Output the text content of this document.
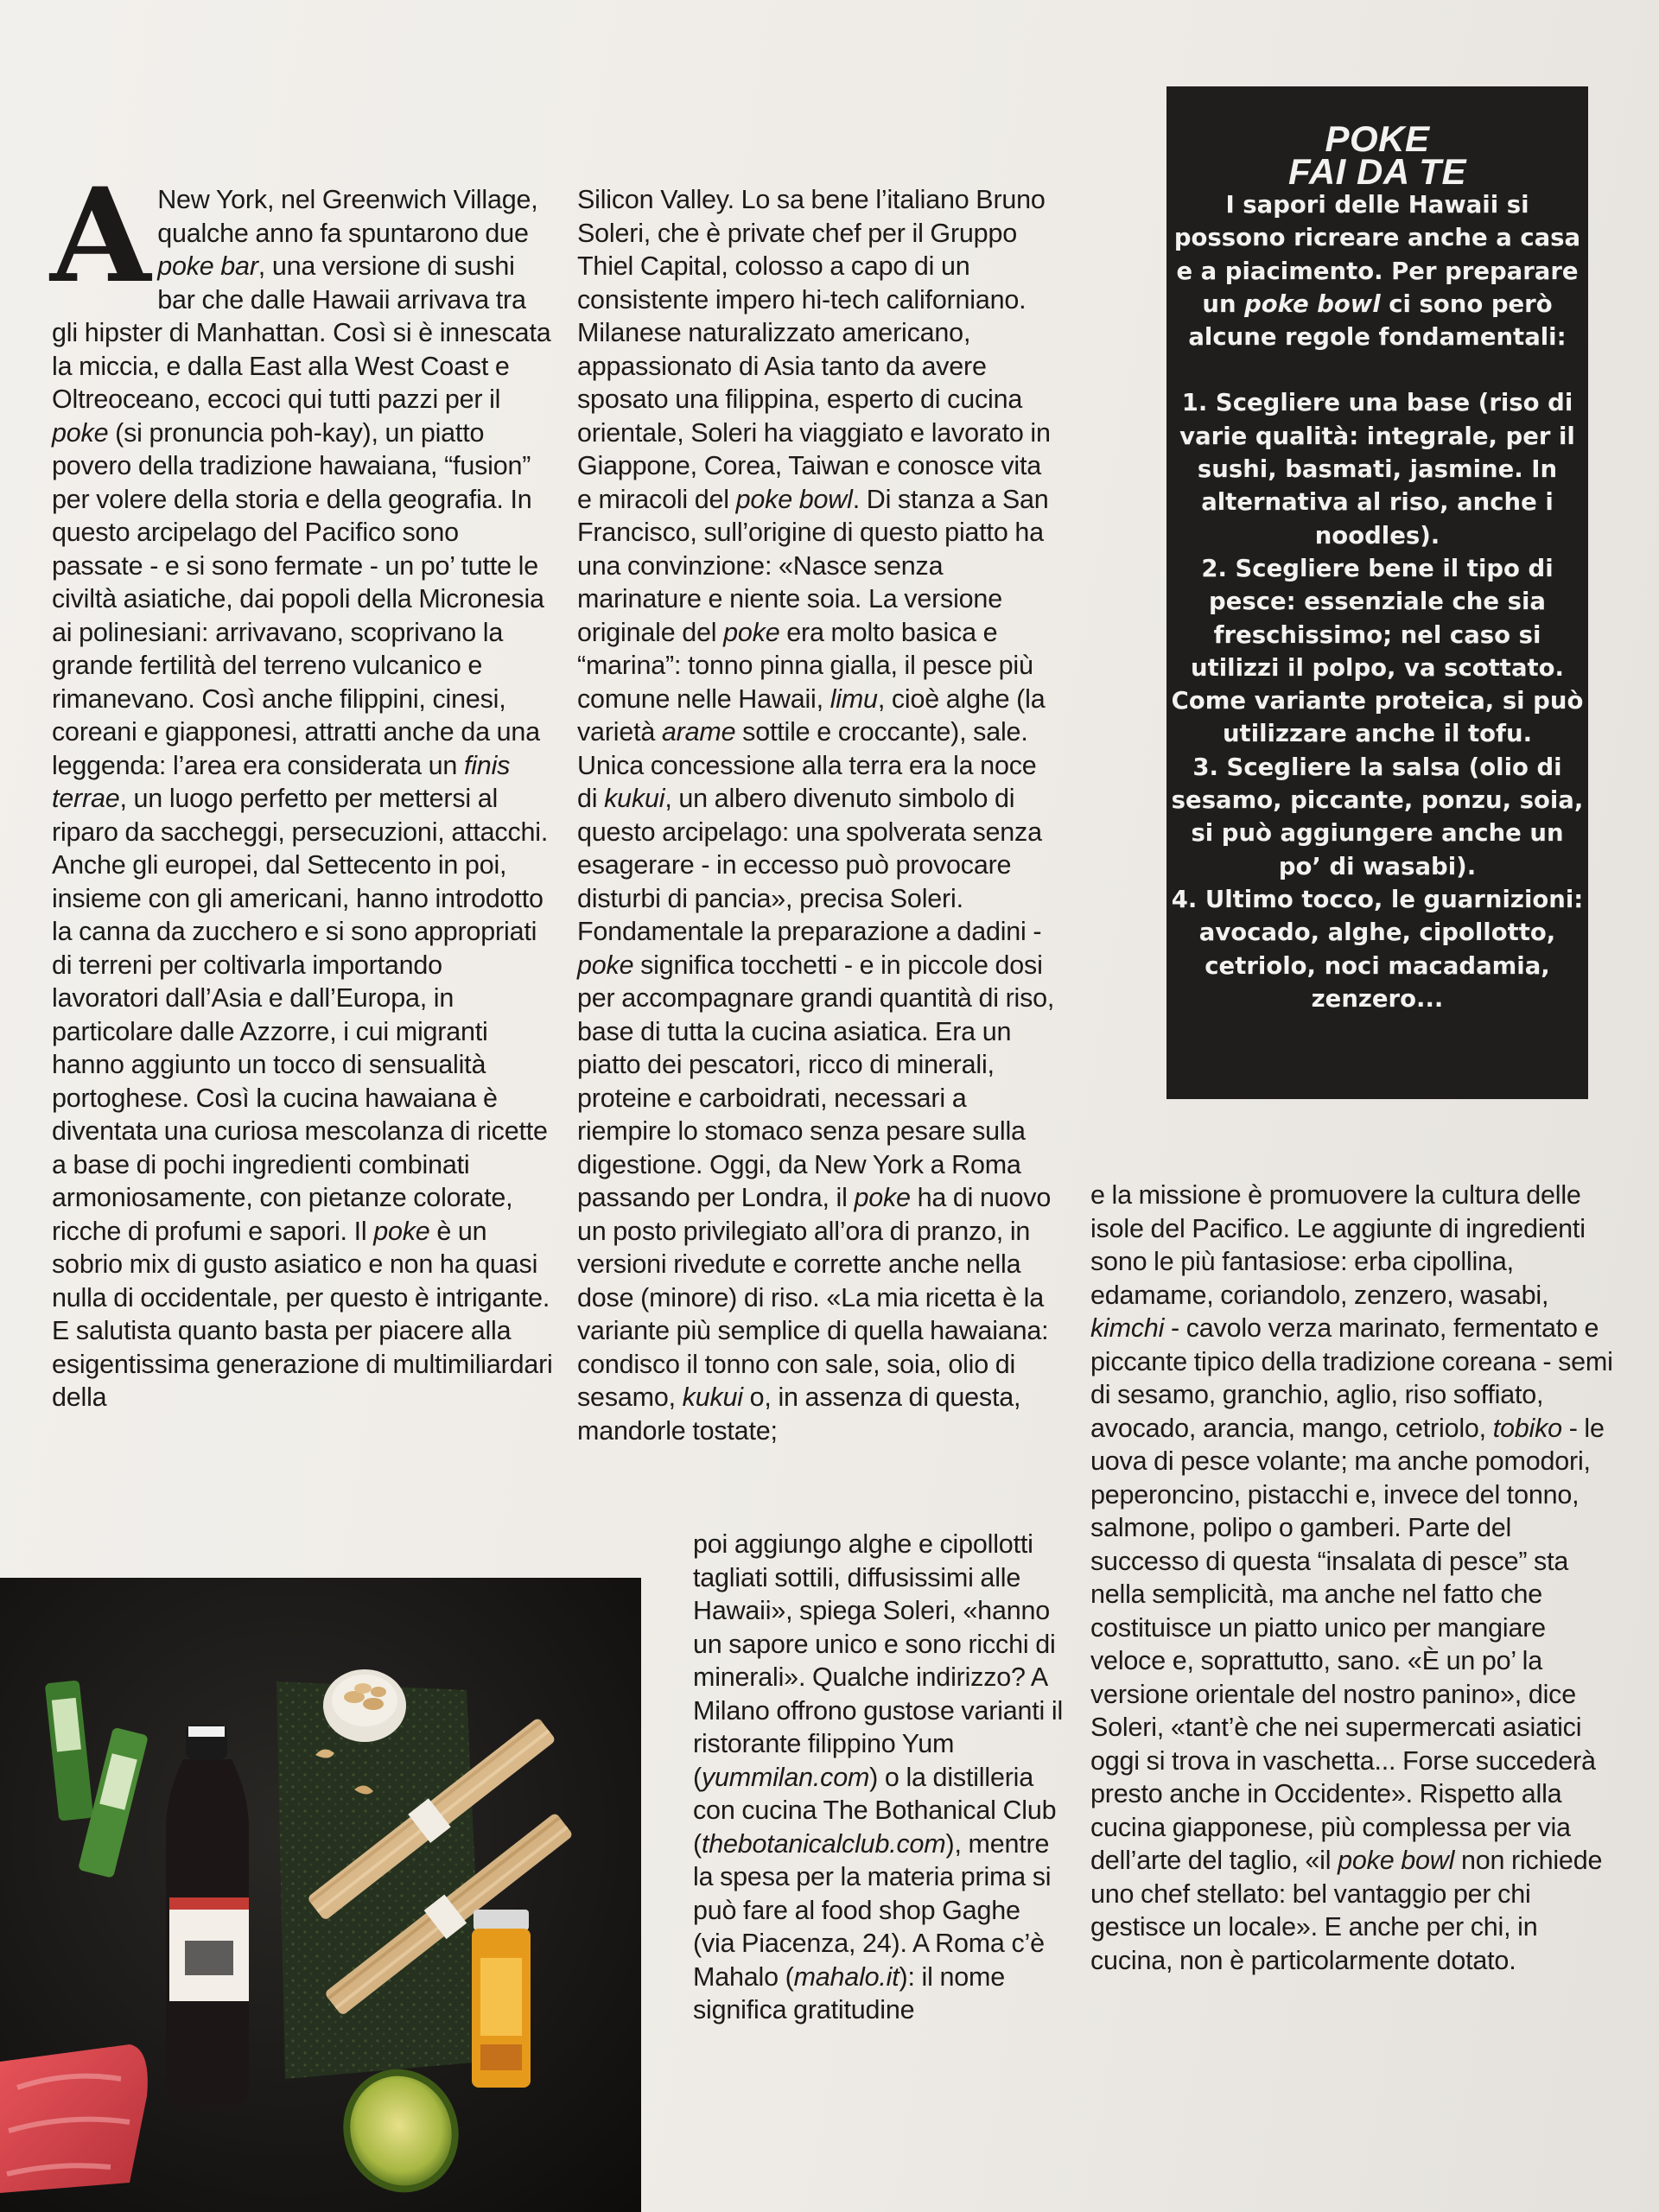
A New York, nel Greenwich Village, qualche anno fa spuntarono due poke bar, una versione di sushi bar che dalle Hawaii arrivava tra gli hipster di Manhattan. Così si è innescata la miccia, e dalla East alla West Coast e Oltreoceano, eccoci qui tutti pazzi per il poke (si pronuncia poh-kay), un piatto povero della tradizione hawaiana, “fusion” per volere della storia e della geografia. In questo arcipelago del Pacifico sono passate - e si sono fermate - un po’ tutte le civiltà asiatiche, dai popoli della Micronesia ai polinesiani: arrivavano, scoprivano la grande fertilità del terreno vulcanico e rimanevano. Così anche filippini, cinesi, coreani e giapponesi, attratti anche da una leggenda: l’area era considerata un finis terrae, un luogo perfetto per mettersi al riparo da saccheggi, persecuzioni, attacchi. Anche gli europei, dal Settecento in poi, insieme con gli americani, hanno introdotto la canna da zucchero e si sono appropriati di terreni per coltivarla importando lavoratori dall’Asia e dall’Europa, in particolare dalle Azzorre, i cui migranti hanno aggiunto un tocco di sensualità portoghese. Così la cucina hawaiana è diventata una curiosa mescolanza di ricette a base di pochi ingredienti combinati armoniosamente, con pietanze colorate, ricche di profumi e sapori. Il poke è un sobrio mix di gusto asiatico e non ha quasi nulla di occidentale, per questo è intrigante. E salutista quanto basta per piacere alla esigentissima generazione di multimiliardari della

Silicon Valley. Lo sa bene l’italiano Bruno Soleri, che è private chef per il Gruppo Thiel Capital, colosso a capo di un consistente impero hi-tech californiano. Milanese naturalizzato americano, appassionato di Asia tanto da avere sposato una filippina, esperto di cucina orientale, Soleri ha viaggiato e lavorato in Giappone, Corea, Taiwan e conosce vita e miracoli del poke bowl. Di stanza a San Francisco, sull’origine di questo piatto ha una convinzione: «Nasce senza marinature e niente soia. La versione originale del poke era molto basica e “marina”: tonno pinna gialla, il pesce più comune nelle Hawaii, limu, cioè alghe (la varietà arame sottile e croccante), sale. Unica concessione alla terra era la noce di kukui, un albero divenuto simbolo di questo arcipelago: una spolverata senza esagerare - in eccesso può provocare disturbi di pancia», precisa Soleri. Fondamentale la preparazione a dadini - poke significa tocchetti - e in piccole dosi per accompagnare grandi quantità di riso, base di tutta la cucina asiatica. Era un piatto dei pescatori, ricco di minerali, proteine e carboidrati, necessari a riempire lo stomaco senza pesare sulla digestione. Oggi, da New York a Roma passando per Londra, il poke ha di nuovo un posto privilegiato all’ora di pranzo, in versioni rivedute e corrette anche nella dose (minore) di riso. «La mia ricetta è la variante più semplice di quella hawaiana: condisco il tonno con sale, soia, olio di sesamo, kukui o, in assenza di questa, mandorle tostate;

poi aggiungo alghe e cipollotti tagliati sottili, diffusissimi alle Hawaii», spiega Soleri, «hanno un sapore unico e sono ricchi di minerali». Qualche indirizzo? A Milano offrono gustose varianti il ristorante filippino Yum (yummilan.com) o la distilleria con cucina The Bothanical Club (thebotanicalclub.com), mentre la spesa per la materia prima si può fare al food shop Gaghe (via Piacenza, 24). A Roma c’è Mahalo (mahalo.it): il nome significa gratitudine

e la missione è promuovere la cultura delle isole del Pacifico. Le aggiunte di ingredienti sono le più fantasiose: erba cipollina, edamame, coriandolo, zenzero, wasabi, kimchi - cavolo verza marinato, fermentato e piccante tipico della tradizione coreana - semi di sesamo, granchio, aglio, riso soffiato, avocado, arancia, mango, cetriolo, tobiko - le uova di pesce volante; ma anche pomodori, peperoncino, pistacchi e, invece del tonno, salmone, polipo o gamberi. Parte del successo di questa “insalata di pesce” sta nella semplicità, ma anche nel fatto che costituisce un piatto unico per mangiare veloce e, soprattutto, sano. «È un po’ la versione orientale del nostro panino», dice Soleri, «tant’è che nei supermercati asiatici oggi si trova in vaschetta... Forse succederà presto anche in Occidente». Rispetto alla cucina giapponese, più complessa per via dell’arte del taglio, «il poke bowl non richiede uno chef stellato: bel vantaggio per chi gestisce un locale». E anche per chi, in cucina, non è particolarmente dotato.

POKE
FAI DA TE

I sapori delle Hawaii si possono ricreare anche a casa e a piacimento. Per preparare un poke bowl ci sono però alcune regole fondamentali:

1. Scegliere una base (riso di varie qualità: integrale, per il sushi, basmati, jasmine. In alternativa al riso, anche i noodles).

2. Scegliere bene il tipo di pesce: essenziale che sia freschissimo; nel caso si utilizzi il polpo, va scottato. Come variante proteica, si può utilizzare anche il tofu.

3. Scegliere la salsa (olio di sesamo, piccante, ponzu, soia, si può aggiungere anche un po’ di wasabi).

4. Ultimo tocco, le guarnizioni: avocado, alghe, cipollotto, cetriolo, noci macadamia, zenzero...
